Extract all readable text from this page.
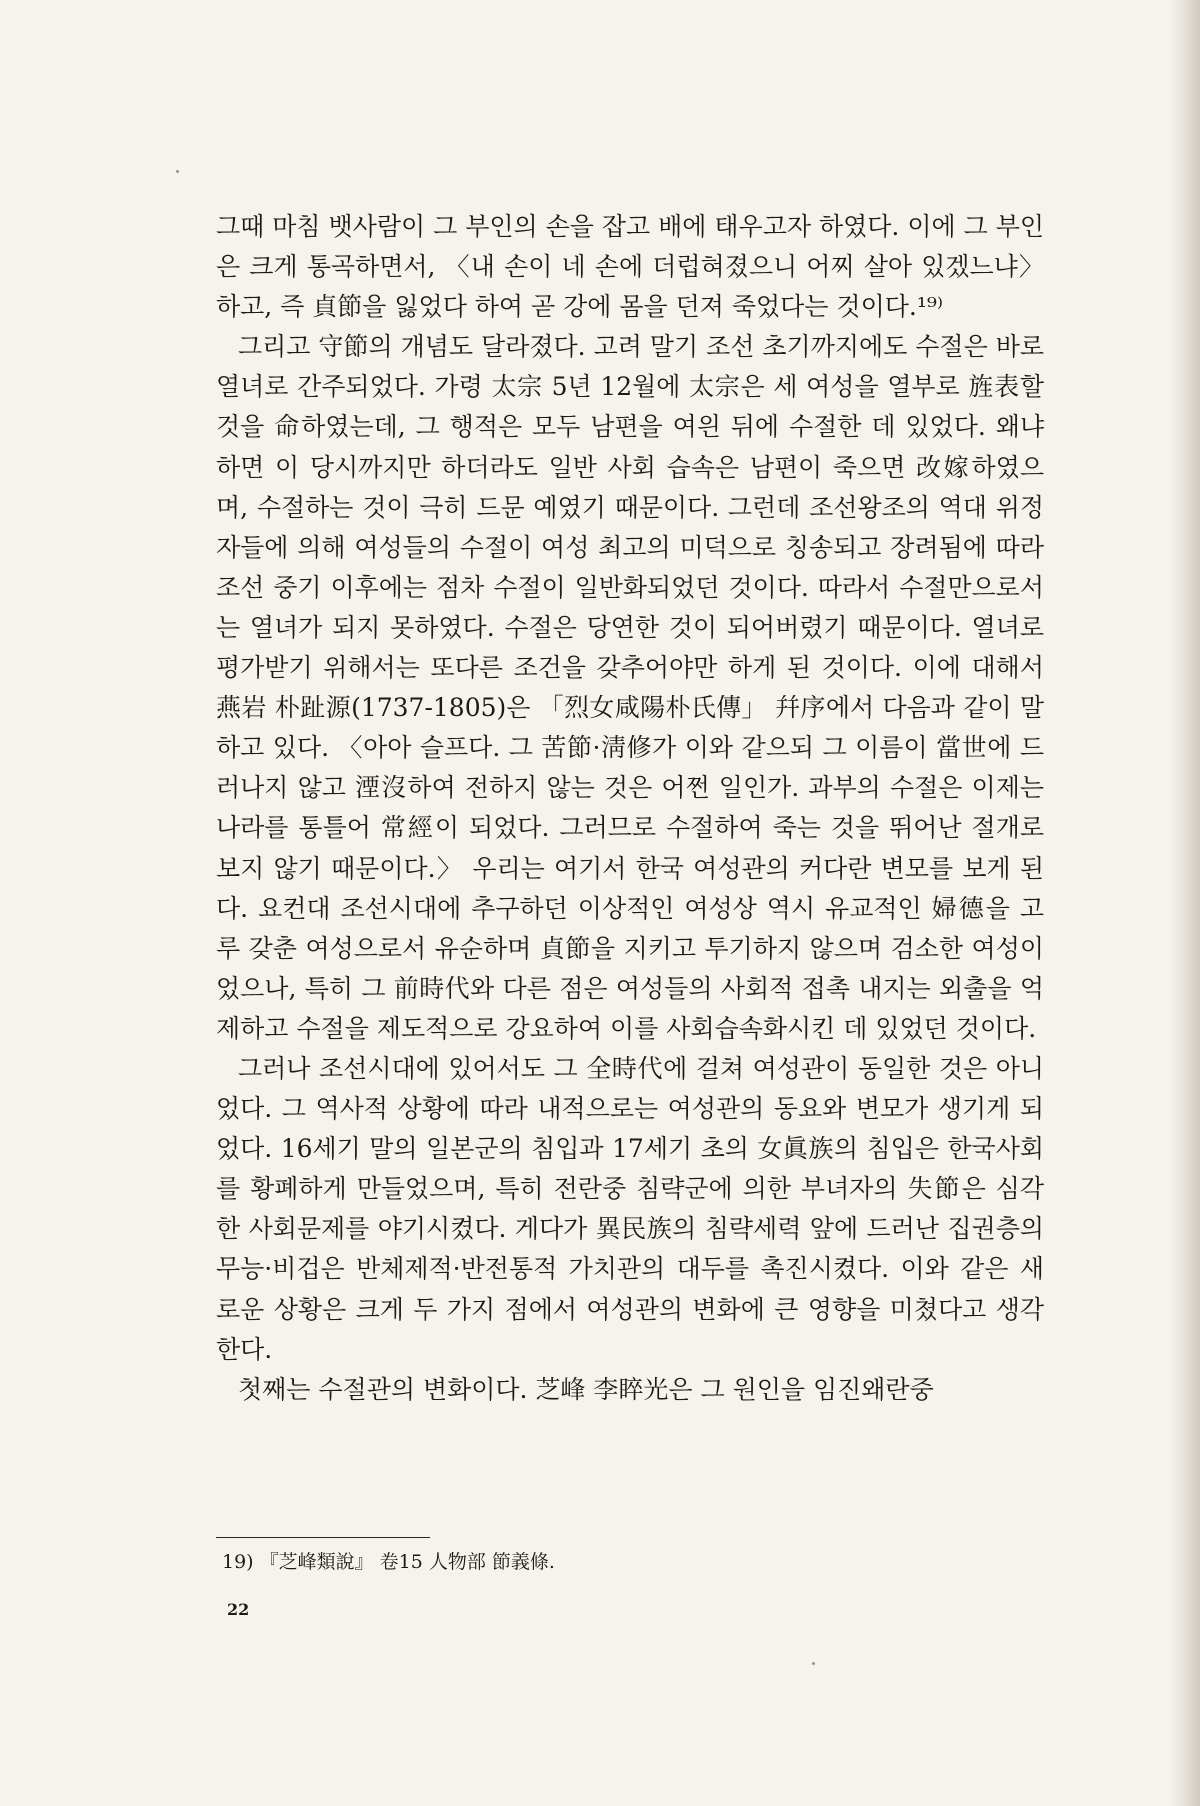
그때 마침 뱃사람이 그 부인의 손을 잡고 배에 태우고자 하였다. 이에 그 부인은 크게 통곡하면서, 〈내 손이 네 손에 더럽혀졌으니 어찌 살아 있겠느냐〉 하고, 즉 貞節을 잃었다 하여 곧 강에 몸을 던져 죽었다는 것이다.¹⁹⁾

그리고 守節의 개념도 달라졌다. 고려 말기 조선 초기까지에도 수절은 바로 열녀로 간주되었다. 가령 太宗 5년 12월에 太宗은 세 여성을 열부로 旌表할 것을 命하였는데, 그 행적은 모두 남편을 여읜 뒤에 수절한 데 있었다. 왜냐하면 이 당시까지만 하더라도 일반 사회 습속은 남편이 죽으면 改嫁하였으며, 수절하는 것이 극히 드문 예였기 때문이다. 그런데 조선왕조의 역대 위정자들에 의해 여성들의 수절이 여성 최고의 미덕으로 칭송되고 장려됨에 따라 조선 중기 이후에는 점차 수절이 일반화되었던 것이다. 따라서 수절만으로서는 열녀가 되지 못하였다. 수절은 당연한 것이 되어버렸기 때문이다. 열녀로 평가받기 위해서는 또다른 조건을 갖추어야만 하게 된 것이다. 이에 대해서 燕岩 朴趾源(1737-1805)은 「烈女咸陽朴氏傳」 幷序에서 다음과 같이 말하고 있다. 〈아아 슬프다. 그 苦節·淸修가 이와 같으되 그 이름이 當世에 드러나지 않고 湮沒하여 전하지 않는 것은 어쩐 일인가. 과부의 수절은 이제는 나라를 통틀어 常經이 되었다. 그러므로 수절하여 죽는 것을 뛰어난 절개로 보지 않기 때문이다.〉 우리는 여기서 한국 여성관의 커다란 변모를 보게 된다. 요컨대 조선시대에 추구하던 이상적인 여성상 역시 유교적인 婦德을 고루 갖춘 여성으로서 유순하며 貞節을 지키고 투기하지 않으며 검소한 여성이었으나, 특히 그 前時代와 다른 점은 여성들의 사회적 접촉 내지는 외출을 억제하고 수절을 제도적으로 강요하여 이를 사회습속화시킨 데 있었던 것이다.

그러나 조선시대에 있어서도 그 全時代에 걸쳐 여성관이 동일한 것은 아니었다. 그 역사적 상황에 따라 내적으로는 여성관의 동요와 변모가 생기게 되었다. 16세기 말의 일본군의 침입과 17세기 초의 女眞族의 침입은 한국사회를 황폐하게 만들었으며, 특히 전란중 침략군에 의한 부녀자의 失節은 심각한 사회문제를 야기시켰다. 게다가 異民族의 침략세력 앞에 드러난 집권층의 무능·비겁은 반체제적·반전통적 가치관의 대두를 촉진시켰다. 이와 같은 새로운 상황은 크게 두 가지 점에서 여성관의 변화에 큰 영향을 미쳤다고 생각한다.

첫째는 수절관의 변화이다. 芝峰 李睟光은 그 원인을 임진왜란중

19) 『芝峰類說』 卷15 人物部 節義條.
22
